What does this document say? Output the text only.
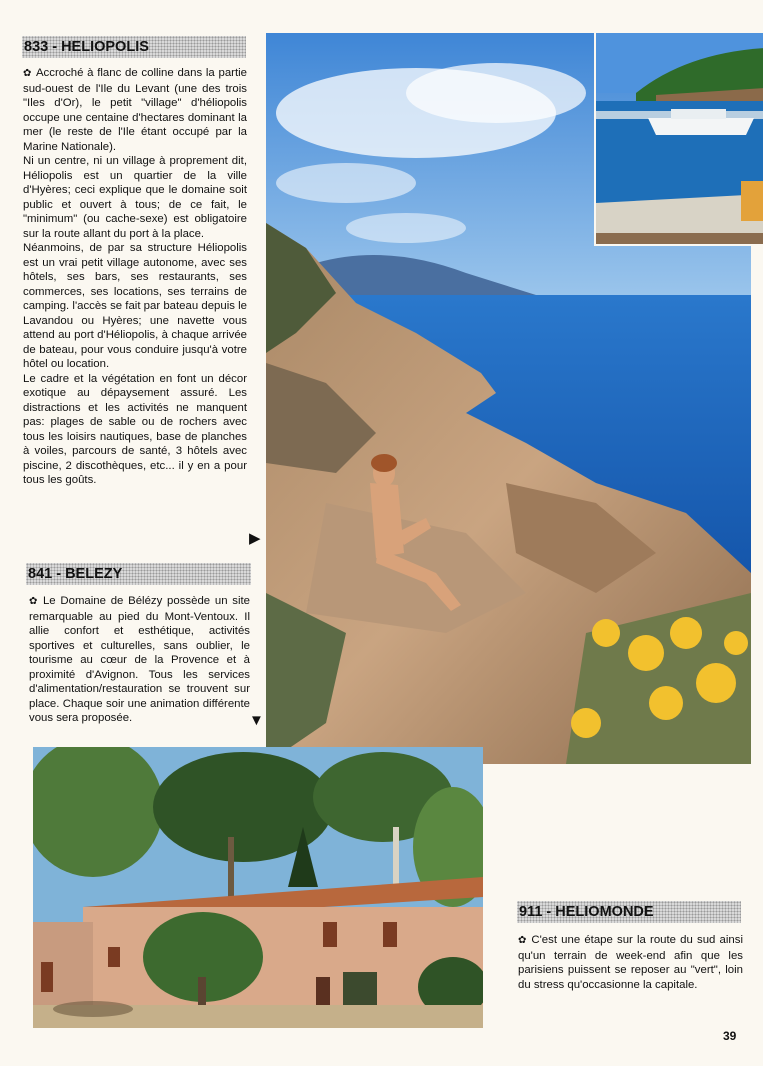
833 - HELIOPOLIS

✿ Accroché à flanc de colline dans la partie sud-ouest de l'Ile du Levant (une des trois "Iles d'Or), le petit "village" d'héliopolis occupe une centaine d'hectares dominant la mer (le reste de l'Ile étant occupé par la Marine Nationale).

Ni un centre, ni un village à proprement dit, Héliopolis est un quartier de la ville d'Hyères; ceci explique que le domaine soit public et ouvert à tous; de ce fait, le "minimum" (ou cache-sexe) est obligatoire sur la route allant du port à la place.

Néanmoins, de par sa structure Héliopolis est un vrai petit village autonome, avec ses hôtels, ses bars, ses restaurants, ses commerces, ses locations, ses terrains de camping. l'accès se fait par bateau depuis le Lavandou ou Hyères; une navette vous attend au port d'Héliopolis, à chaque arrivée de bateau, pour vous conduire jusqu'à votre hôtel ou location.

Le cadre et la végétation en font un décor exotique au dépaysement assuré. Les distractions et les activités ne manquent pas: plages de sable ou de rochers avec tous les loisirs nautiques, base de planches à voiles, parcours de santé, 3 hôtels avec piscine, 2 discothèques, etc... il y en a pour tous les goûts.

▶
841 - BELEZY

✿ Le Domaine de Bélézy possède un site remarquable au pied du Mont-Ventoux. Il allie confort et esthétique, activités sportives et culturelles, sans oublier, le tourisme au cœur de la Provence et à proximité d'Avignon. Tous les services d'alimentation/restauration se trouvent sur place. Chaque soir une animation différente vous sera proposée.	▼
911 - HELIOMONDE

✿ C'est une étape sur la route du sud ainsi qu'un terrain de week-end afin que les parisiens puissent se reposer au "vert", loin du stress qu'occasionne la capitale.

39
